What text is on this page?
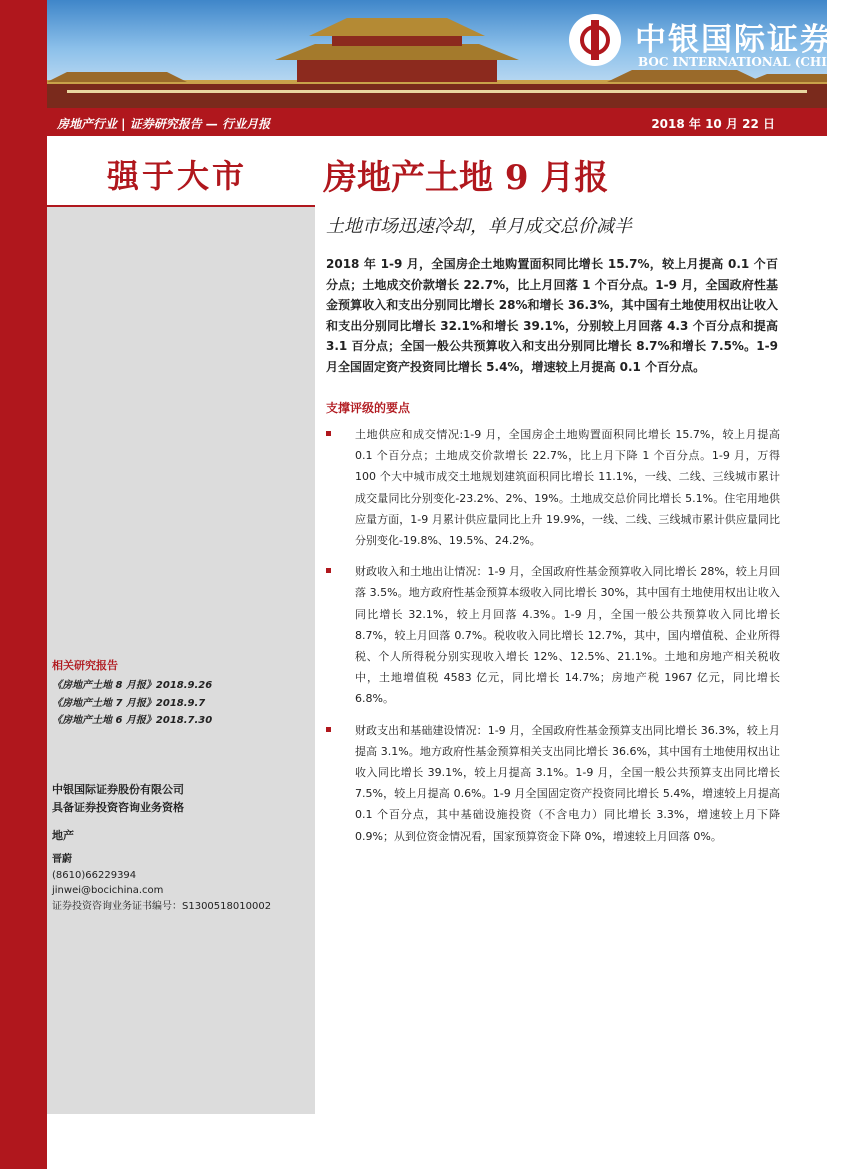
中银国际证券
BOC INTERNATIONAL (CHINA)
房地产行业 | 证券研究报告 — 行业月报	2018 年 10 月 22 日
强于大市 房地产土地 9 月报
土地市场迅速冷却，单月成交总价减半
2018 年 1-9 月，全国房企土地购置面积同比增长 15.7%，较上月提高 0.1 个百分点；土地成交价款增长 22.7%，比上月回落 1 个百分点。1-9 月，全国政府性基金预算收入和支出分别同比增长 28%和增长 36.3%，其中国有土地使用权出让收入和支出分别同比增长 32.1%和增长 39.1%，分别较上月回落 4.3 个百分点和提高 3.1 百分点；全国一般公共预算收入和支出分别同比增长 8.7%和增长 7.5%。1-9 月全国固定资产投资同比增长 5.4%，增速较上月提高 0.1 个百分点。
支撑评级的要点
土地供应和成交情况:1-9 月，全国房企土地购置面积同比增长 15.7%，较上月提高 0.1 个百分点；土地成交价款增长 22.7%，比上月下降 1 个百分点。1-9 月，万得 100 个大中城市成交土地规划建筑面积同比增长 11.1%，一线、二线、三线城市累计成交量同比分别变化-23.2%、2%、19%。土地成交总价同比增长 5.1%。住宅用地供应量方面，1-9 月累计供应量同比上升 19.9%，一线、二线、三线城市累计供应量同比分别变化-19.8%、19.5%、24.2%。
财政收入和土地出让情况：1-9 月，全国政府性基金预算收入同比增长 28%，较上月回落 3.5%。地方政府性基金预算本级收入同比增长 30%，其中国有土地使用权出让收入同比增长 32.1%，较上月回落 4.3%。1-9 月，全国一般公共预算收入同比增长 8.7%，较上月回落 0.7%。税收收入同比增长 12.7%，其中，国内增值税、企业所得税、个人所得税分别实现收入增长 12%、12.5%、21.1%。土地和房地产相关税收中，土地增值税 4583 亿元，同比增长 14.7%；房地产税 1967 亿元，同比增长 6.8%。
财政支出和基础建设情况：1-9 月，全国政府性基金预算支出同比增长 36.3%，较上月提高 3.1%。地方政府性基金预算相关支出同比增长 36.6%，其中国有土地使用权出让收入同比增长 39.1%，较上月提高 3.1%。1-9 月，全国一般公共预算支出同比增长 7.5%，较上月提高 0.6%。1-9 月全国固定资产投资同比增长 5.4%，增速较上月提高 0.1 个百分点，其中基础设施投资（不含电力）同比增长 3.3%，增速较上月下降 0.9%；从到位资金情况看，国家预算资金下降 0%，增速较上月回落 0%。
相关研究报告
《房地产土地 8 月报》2018.9.26
《房地产土地 7 月报》2018.9.7
《房地产土地 6 月报》2018.7.30
中银国际证券股份有限公司
具备证券投资咨询业务资格
地产
晋蔚
(8610)66229394
jinwei@bocichina.com
证券投资咨询业务证书编号：S1300518010002
